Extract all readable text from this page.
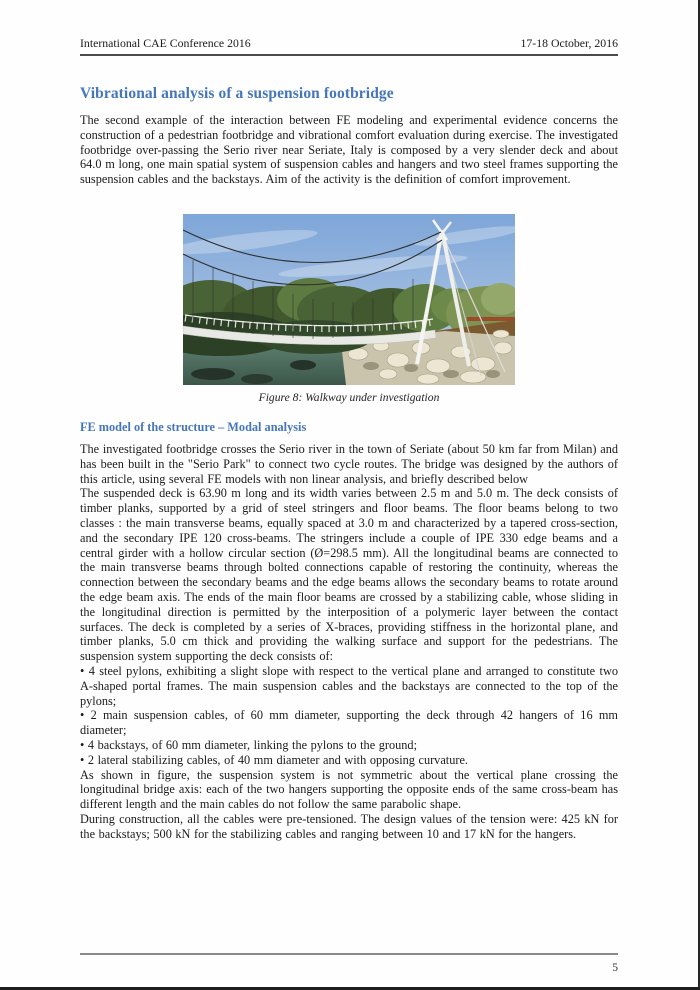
International CAE Conference 2016	17-18 October, 2016
Vibrational analysis of a suspension footbridge

The second example of the interaction between FE modeling and experimental evidence concerns the construction of a pedestrian footbridge and vibrational comfort evaluation during exercise. The investigated footbridge over-passing the Serio river near Seriate, Italy is composed by a very slender deck and about 64.0 m long, one main spatial system of suspension cables and hangers and two steel frames supporting the suspension cables and the backstays. Aim of the activity is the definition of comfort improvement.

Figure 8: Walkway under investigation
FE model of the structure – Modal analysis

The investigated footbridge crosses the Serio river in the town of Seriate (about 50 km far from Milan) and has been built in the "Serio Park" to connect two cycle routes. The bridge was designed by the authors of this article, using several FE models with non linear analysis, and briefly described below

The suspended deck is 63.90 m long and its width varies between 2.5 m and 5.0 m. The deck consists of timber planks, supported by a grid of steel stringers and floor beams. The floor beams belong to two classes : the main transverse beams, equally spaced at 3.0 m and characterized by a tapered cross-section, and the secondary IPE 120 cross-beams. The stringers include a couple of IPE 330 edge beams and a central girder with a hollow circular section (Ø=298.5 mm). All the longitudinal beams are connected to the main transverse beams through bolted connections capable of restoring the continuity, whereas the connection between the secondary beams and the edge beams allows the secondary beams to rotate around the edge beam axis. The ends of the main floor beams are crossed by a stabilizing cable, whose sliding in the longitudinal direction is permitted by the interposition of a polymeric layer between the contact surfaces. The deck is completed by a series of X-braces, providing stiffness in the horizontal plane, and timber planks, 5.0 cm thick and providing the walking surface and support for the pedestrians. The suspension system supporting the deck consists of:

• 4 steel pylons, exhibiting a slight slope with respect to the vertical plane and arranged to constitute two A-shaped portal frames. The main suspension cables and the backstays are connected to the top of the pylons;

• 2 main suspension cables, of 60 mm diameter, supporting the deck through 42 hangers of 16 mm diameter;

• 4 backstays, of 60 mm diameter, linking the pylons to the ground;

• 2 lateral stabilizing cables, of 40 mm diameter and with opposing curvature.

As shown in figure, the suspension system is not symmetric about the vertical plane crossing the longitudinal bridge axis: each of the two hangers supporting the opposite ends of the same cross-beam has different length and the main cables do not follow the same parabolic shape.

During construction, all the cables were pre-tensioned. The design values of the tension were: 425 kN for the backstays; 500 kN for the stabilizing cables and ranging between 10 and 17 kN for the hangers.

5
